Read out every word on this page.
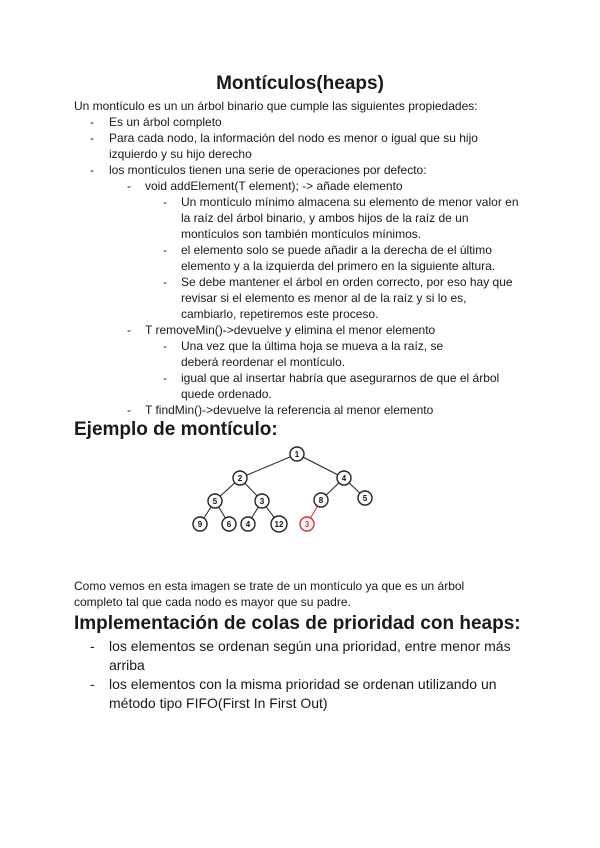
Montículos(heaps)
Un montículo es un un árbol binario que cumple las siguientes propiedades:
- Es un árbol completo
- Para cada nodo, la información del nodo es menor o igual que su hijo izquierdo y su hijo derecho
- los montículos tienen una serie de operaciones por defecto:
- void addElement(T element); -> añade elemento
- Un montículo mínimo almacena su elemento de menor valor en la raíz del árbol binario, y ambos hijos de la raíz de un montículos son también montículos mínimos.
- el elemento solo se puede añadir a la derecha de el último elemento y a la izquierda del primero en la siguiente altura.
- Se debe mantener el árbol en orden correcto, por eso hay que revisar si el elemento es menor al de la raíz y si lo es, cambiarlo, repetiremos este proceso.
- T removeMin()->devuelve y elimina el menor elemento
- Una vez que la última hoja se mueva a la raíz, se deberá reordenar el montículo.
- igual que al insertar habría que asegurarnos de que el árbol quede ordenado.
- T findMin()->devuelve la referencia al menor elemento
Ejemplo de montículo:
1
2	4
5	3	8	5
9	6 4	12	3
Como vemos en esta imagen se trate de un montículo ya que es un árbol completo tal que cada nodo es mayor que su padre.
Implementación de colas de prioridad con heaps:
- los elementos se ordenan según una prioridad, entre menor más arriba
- los elementos con la misma prioridad se ordenan utilizando un método tipo FIFO(First In First Out)
